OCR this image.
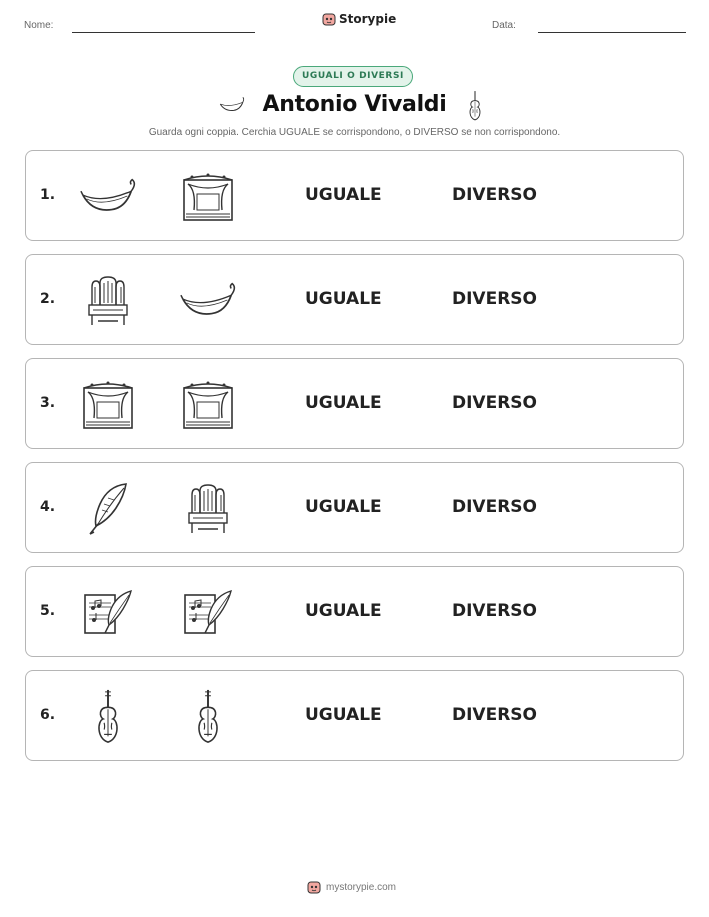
Nome:	Storypie	Data:
UGUALI O DIVERSI
Antonio Vivaldi
Guarda ogni coppia. Cerchia UGUALE se corrispondono, o DIVERSO se non corrispondono.
1.	UGUALE	DIVERSO
2.	UGUALE	DIVERSO
3.	UGUALE	DIVERSO
4.	UGUALE	DIVERSO
5.	UGUALE	DIVERSO
6.	UGUALE	DIVERSO
mystorypie.com
